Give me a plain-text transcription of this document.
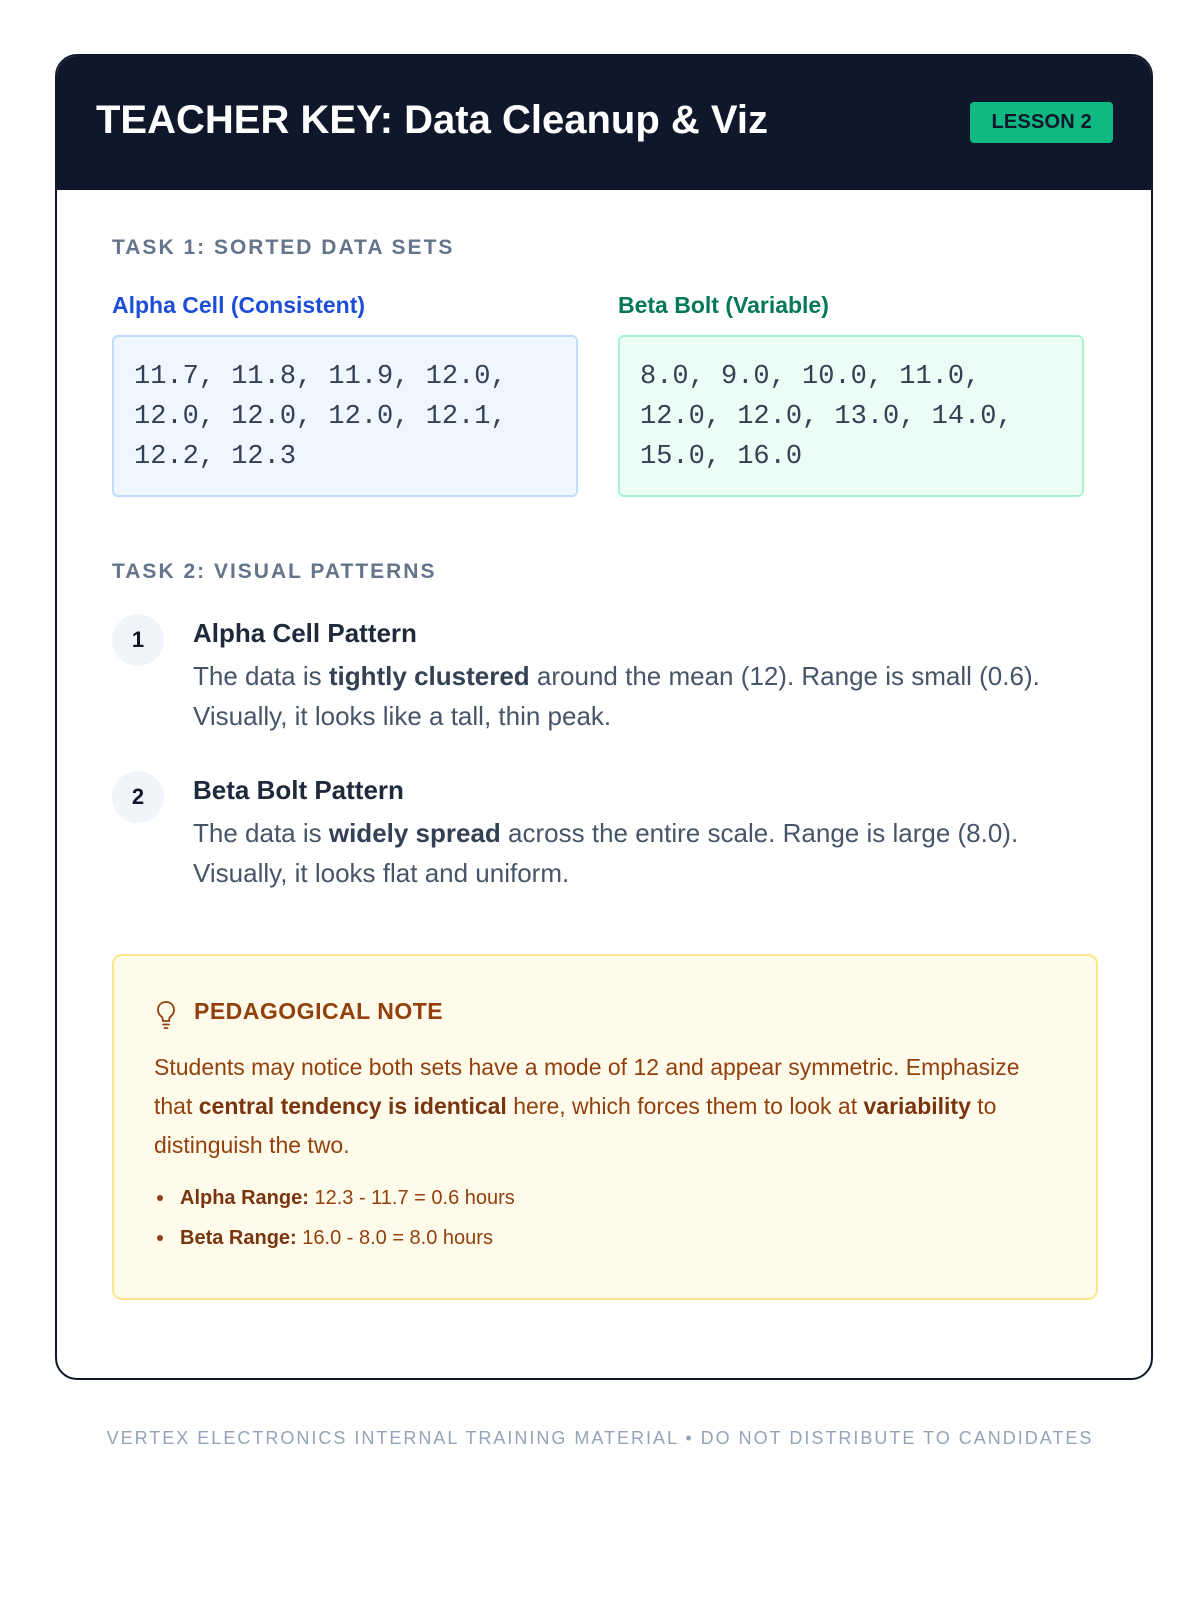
TEACHER KEY: Data Cleanup & Viz	LESSON 2
TASK 1: SORTED DATA SETS
Alpha Cell (Consistent)	Beta Bolt (Variable)
11.7, 11.8, 11.9, 12.0,
12.0, 12.0, 12.0, 12.1,
12.2, 12.3
8.0, 9.0, 10.0, 11.0,
12.0, 12.0, 13.0, 14.0,
15.0, 16.0
TASK 2: VISUAL PATTERNS
1	Alpha Cell Pattern
The data is tightly clustered around the mean (12). Range is small (0.6). Visually, it looks like a tall, thin peak.
2	Beta Bolt Pattern
The data is widely spread across the entire scale. Range is large (8.0). Visually, it looks flat and uniform.
PEDAGOGICAL NOTE
Students may notice both sets have a mode of 12 and appear symmetric. Emphasize that central tendency is identical here, which forces them to look at variability to distinguish the two.
Alpha Range: 12.3 - 11.7 = 0.6 hours
Beta Range: 16.0 - 8.0 = 8.0 hours
VERTEX ELECTRONICS INTERNAL TRAINING MATERIAL • DO NOT DISTRIBUTE TO CANDIDATES
